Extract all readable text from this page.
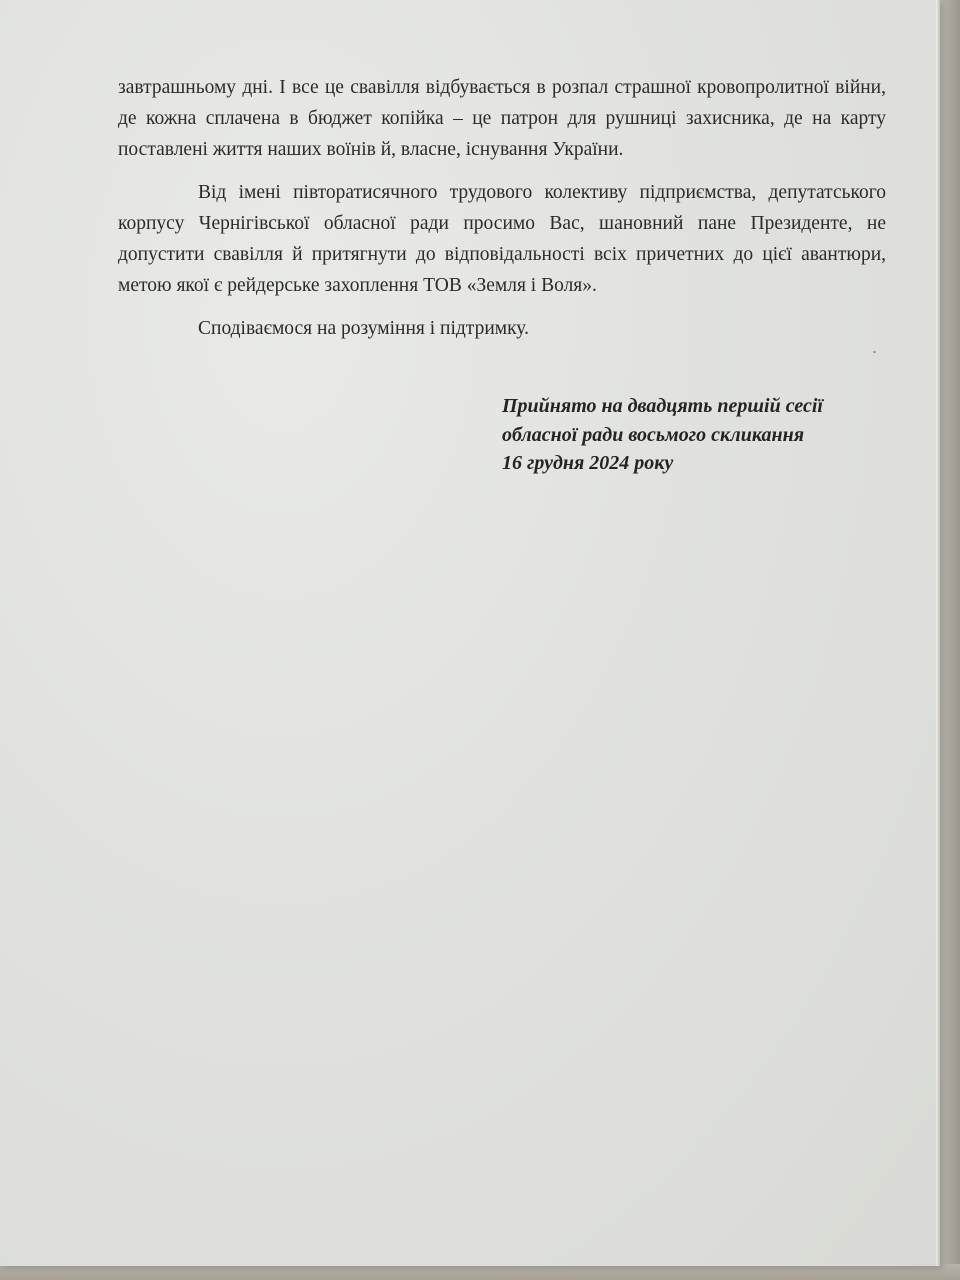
завтрашньому дні. І все це свавілля відбувається в розпал страшної кровопролитної війни, де кожна сплачена в бюджет копійка – це патрон для рушниці захисника, де на карту поставлені життя наших воїнів й, власне, існування України.

Від імені півторатисячного трудового колективу підприємства, депутатського корпусу Чернігівської обласної ради просимо Вас, шановний пане Президенте, не допустити свавілля й притягнути до відповідальності всіх причетних до цієї авантюри, метою якої є рейдерське захоплення ТОВ «Земля і Воля».

Сподіваємося на розуміння і підтримку.

Прийнято на двадцять першій сесії
обласної ради восьмого скликання
16 грудня 2024 року
